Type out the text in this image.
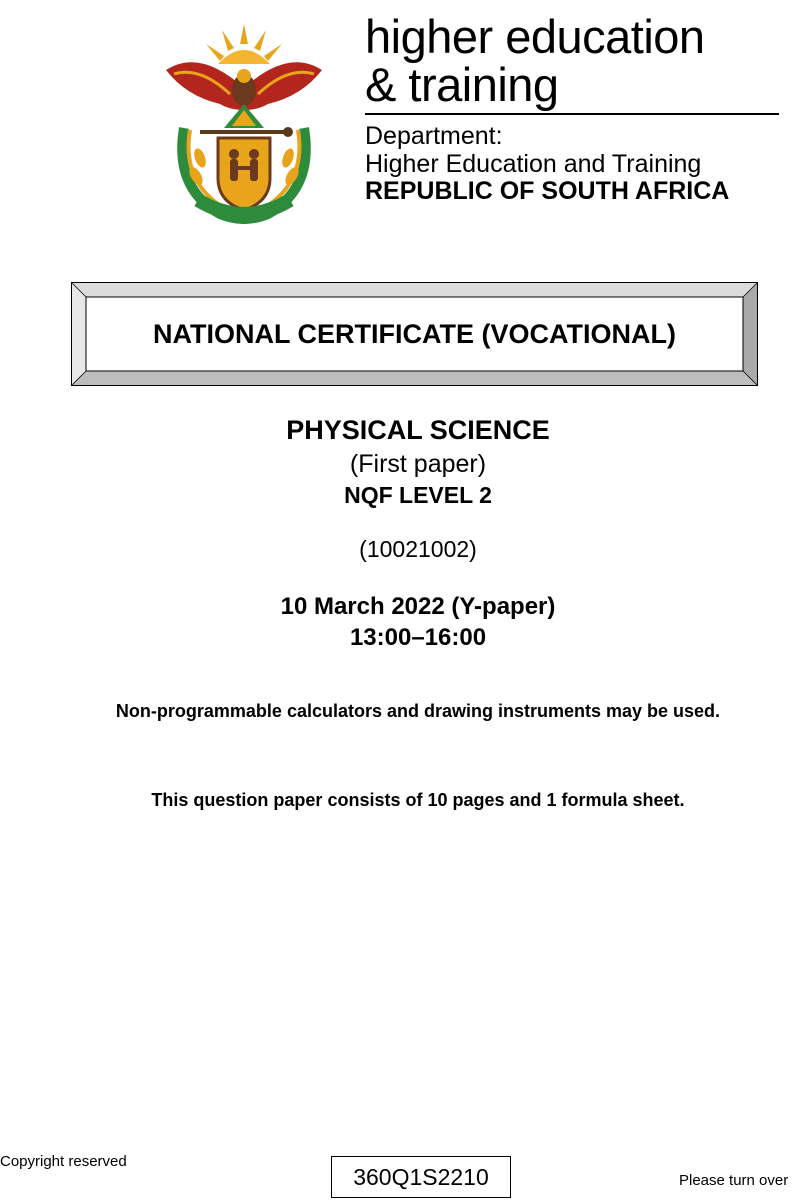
higher education
& training
Department:
Higher Education and Training
REPUBLIC OF SOUTH AFRICA
NATIONAL CERTIFICATE (VOCATIONAL)
PHYSICAL SCIENCE
(First paper)
NQF LEVEL 2
(10021002)
10 March 2022 (Y-paper)
13:00–16:00
Non-programmable calculators and drawing instruments may be used.
This question paper consists of 10 pages and 1 formula sheet.
Copyright reserved
360Q1S2210	Please turn over
